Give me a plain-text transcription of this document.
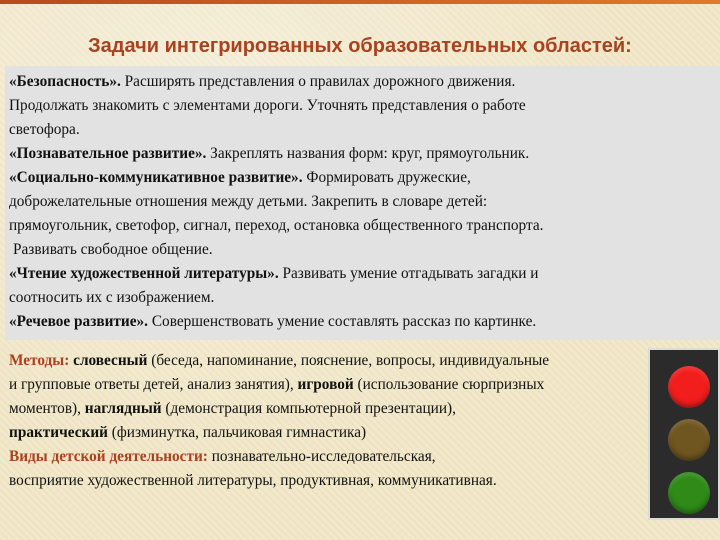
Задачи интегрированных образовательных областей:

«Безопасность». Расширять представления о правилах дорожного движения.

Продолжать знакомить с элементами дороги. Уточнять представления о работе

светофора.

«Познавательное развитие». Закреплять названия форм: круг, прямоугольник.

«Социально-коммуникативное развитие». Формировать дружеские,

доброжелательные отношения между детьми. Закрепить в словаре детей:

прямоугольник, светофор, сигнал, переход, остановка общественного транспорта.

Развивать свободное общение.

«Чтение художественной литературы». Развивать умение отгадывать загадки и

соотносить их с изображением.

«Речевое развитие». Совершенствовать умение составлять рассказ по картинке.

Методы: словесный (беседа, напоминание, пояснение, вопросы, индивидуальные

и групповые ответы детей, анализ занятия), игровой (использование сюрпризных

моментов), наглядный (демонстрация компьютерной презентации),

практический (физминутка, пальчиковая гимнастика)

Виды детской деятельности: познавательно-исследовательская,

восприятие художественной литературы, продуктивная, коммуникативная.
